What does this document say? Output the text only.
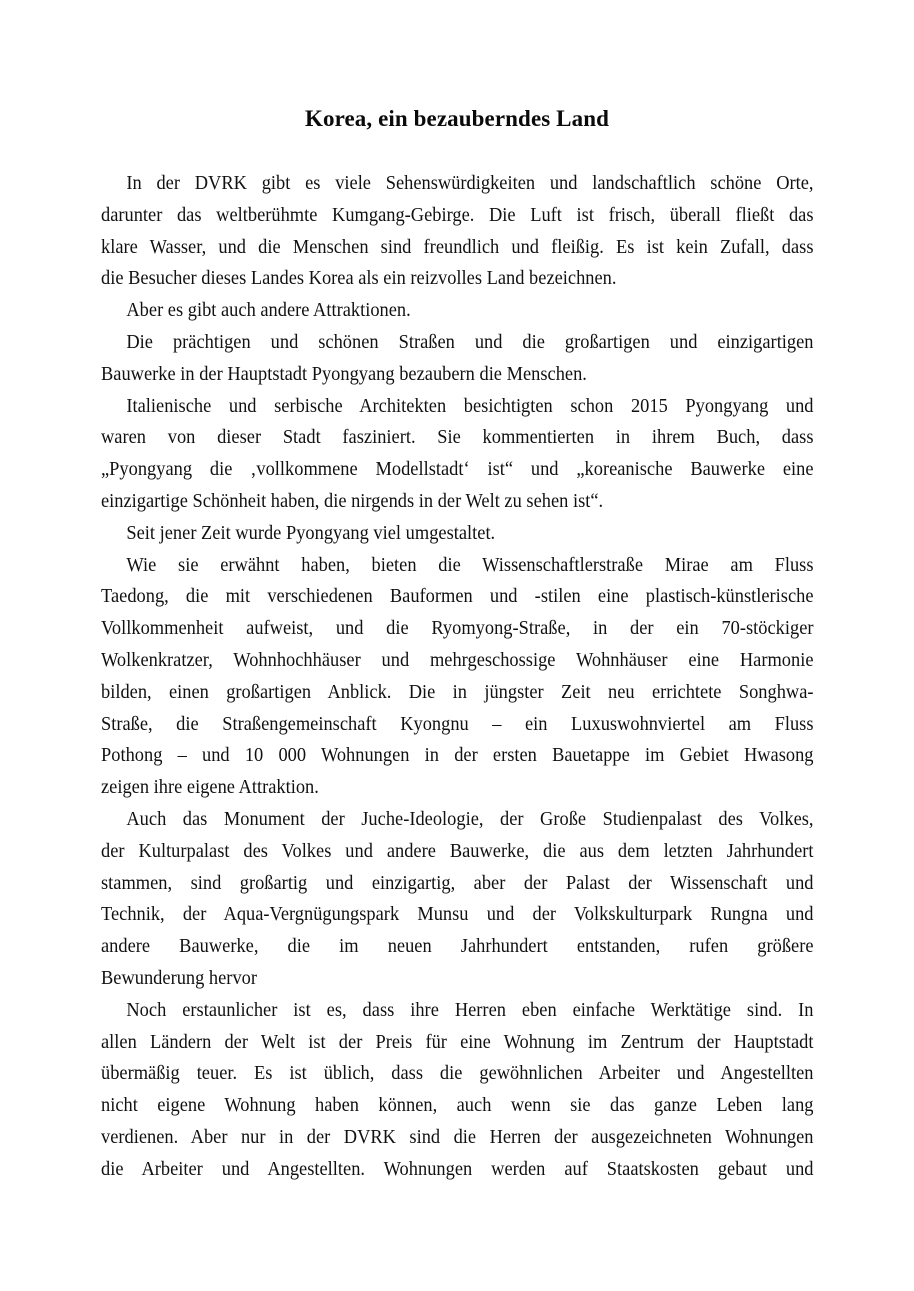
Korea, ein bezauberndes Land
In der DVRK gibt es viele Sehenswürdigkeiten und landschaftlich schöne Orte,
darunter das weltberühmte Kumgang-Gebirge. Die Luft ist frisch, überall fließt das
klare Wasser, und die Menschen sind freundlich und fleißig. Es ist kein Zufall, dass
die Besucher dieses Landes Korea als ein reizvolles Land bezeichnen.
Aber es gibt auch andere Attraktionen.
Die prächtigen und schönen Straßen und die großartigen und einzigartigen
Bauwerke in der Hauptstadt Pyongyang bezaubern die Menschen.
Italienische und serbische Architekten besichtigten schon 2015 Pyongyang und
waren von dieser Stadt fasziniert. Sie kommentierten in ihrem Buch, dass
„Pyongyang die ‚vollkommene Modellstadt‘ ist“ und „koreanische Bauwerke eine
einzigartige Schönheit haben, die nirgends in der Welt zu sehen ist“.
Seit jener Zeit wurde Pyongyang viel umgestaltet.
Wie sie erwähnt haben, bieten die Wissenschaftlerstraße Mirae am Fluss
Taedong, die mit verschiedenen Bauformen und -stilen eine plastisch-künstlerische
Vollkommenheit aufweist, und die Ryomyong-Straße, in der ein 70-stöckiger
Wolkenkratzer, Wohnhochhäuser und mehrgeschossige Wohnhäuser eine Harmonie
bilden, einen großartigen Anblick. Die in jüngster Zeit neu errichtete Songhwa-
Straße, die Straßengemeinschaft Kyongnu – ein Luxuswohnviertel am Fluss
Pothong – und 10 000 Wohnungen in der ersten Bauetappe im Gebiet Hwasong
zeigen ihre eigene Attraktion.
Auch das Monument der Juche-Ideologie, der Große Studienpalast des Volkes,
der Kulturpalast des Volkes und andere Bauwerke, die aus dem letzten Jahrhundert
stammen, sind großartig und einzigartig, aber der Palast der Wissenschaft und
Technik, der Aqua-Vergnügungspark Munsu und der Volkskulturpark Rungna und
andere Bauwerke, die im neuen Jahrhundert entstanden, rufen größere
Bewunderung hervor
Noch erstaunlicher ist es, dass ihre Herren eben einfache Werktätige sind. In
allen Ländern der Welt ist der Preis für eine Wohnung im Zentrum der Hauptstadt
übermäßig teuer. Es ist üblich, dass die gewöhnlichen Arbeiter und Angestellten
nicht eigene Wohnung haben können, auch wenn sie das ganze Leben lang
verdienen. Aber nur in der DVRK sind die Herren der ausgezeichneten Wohnungen
die Arbeiter und Angestellten. Wohnungen werden auf Staatskosten gebaut und
